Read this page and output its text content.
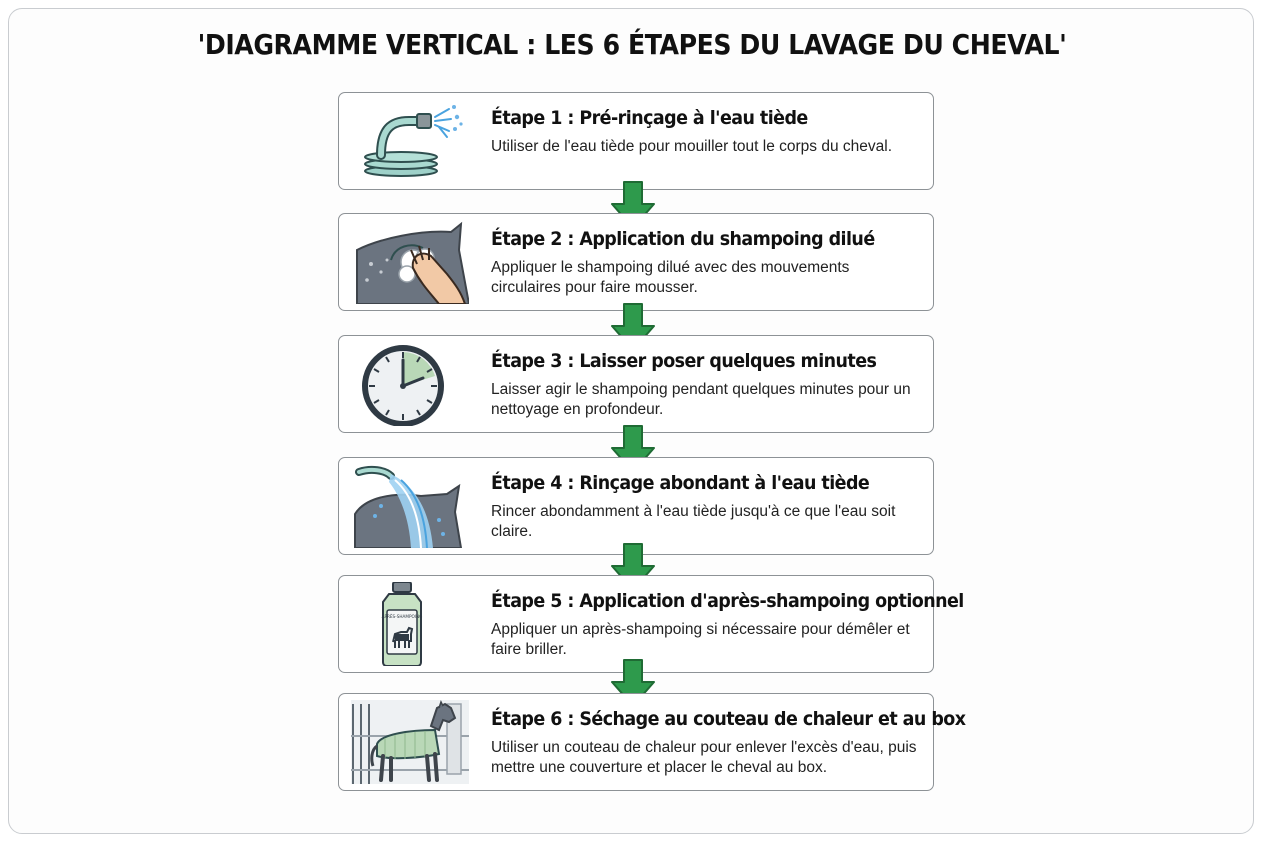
'DIAGRAMME VERTICAL : LES 6 ÉTAPES DU LAVAGE DU CHEVAL'
Étape 1 : Pré-rinçage à l'eau tiède
Utiliser de l'eau tiède pour mouiller tout le corps du cheval.
Étape 2 : Application du shampoing dilué
Appliquer le shampoing dilué avec des mouvements circulaires pour faire mousser.
Étape 3 : Laisser poser quelques minutes
Laisser agir le shampoing pendant quelques minutes pour un nettoyage en profondeur.
Étape 4 : Rinçage abondant à l'eau tiède
Rincer abondamment à l'eau tiède jusqu'à ce que l'eau soit claire.
APRÈS-SHAMPOING
Étape 5 : Application d'après-shampoing optionnel
Appliquer un après-shampoing si nécessaire pour démêler et faire briller.
Étape 6 : Séchage au couteau de chaleur et au box
Utiliser un couteau de chaleur pour enlever l'excès d'eau, puis mettre une couverture et placer le cheval au box.
